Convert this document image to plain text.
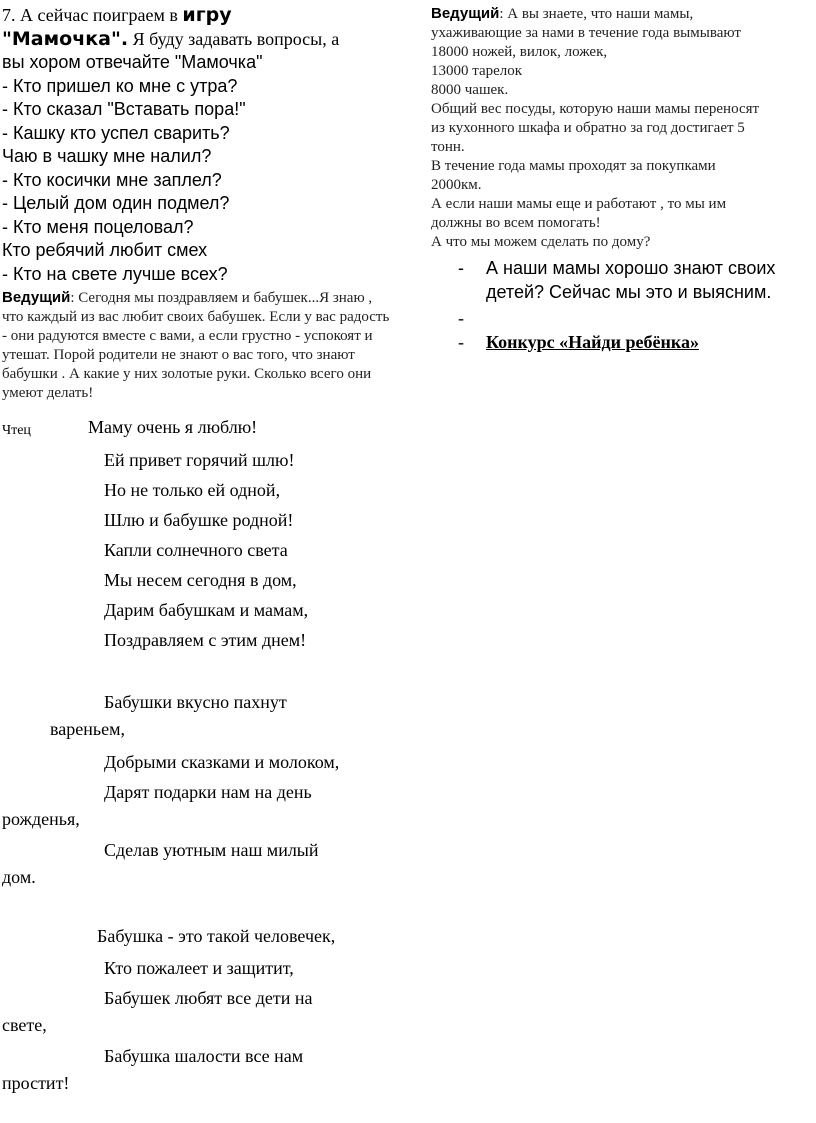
7. А сейчас поиграем в игру
"Мамочка". Я буду задавать вопросы, а
вы хором отвечайте "Мамочка"
- Кто пришел ко мне с утра?
- Кто сказал "Вставать пора!"
- Кашку кто успел сварить?
Чаю в чашку мне налил?
- Кто косички мне заплел?
- Целый дом один подмел?
- Кто меня поцеловал?
Кто ребячий любит смех
- Кто на свете лучше всех?
Ведущий: Сегодня мы поздравляем и бабушек...Я знаю , что каждый из вас любит своих бабушек. Если у вас радость - они радуются вместе с вами, а если грустно - успокоят и утешат. Порой родители не знают о вас того, что знают бабушки . А какие у них золотые руки. Сколько всего они умеют делать!
Чтец	Маму очень я люблю!
Ей привет горячий шлю!
Но не только ей одной,
Шлю и бабушке родной!
Капли солнечного света
Мы несем сегодня в дом,
Дарим бабушкам и мамам,
Поздравляем с этим днем!
Бабушки вкусно пахнут
вареньем,
Добрыми сказками и молоком,
Дарят подарки нам на день
рожденья,
Сделав уютным наш милый
дом.
Бабушка - это такой человечек,
Кто пожалеет и защитит,
Бабушек любят все дети на
свете,
Бабушка шалости все нам
простит!
Ведущий: А вы знаете, что наши мамы,
ухаживающие за нами в течение года вымывают
18000 ножей, вилок, ложек,
13000 тарелок
8000 чашек.
Общий вес посуды, которую наши мамы переносят
из кухонного шкафа и обратно за год достигает 5
тонн.
В течение года мамы проходят за покупками
2000км.
А если наши мамы еще и работают , то мы им
должны во всем помогать!
А что мы можем сделать по дому?
- А наши мамы хорошо знают своих детей? Сейчас мы это и выясним.
-
- Конкурс «Найди ребёнка»
